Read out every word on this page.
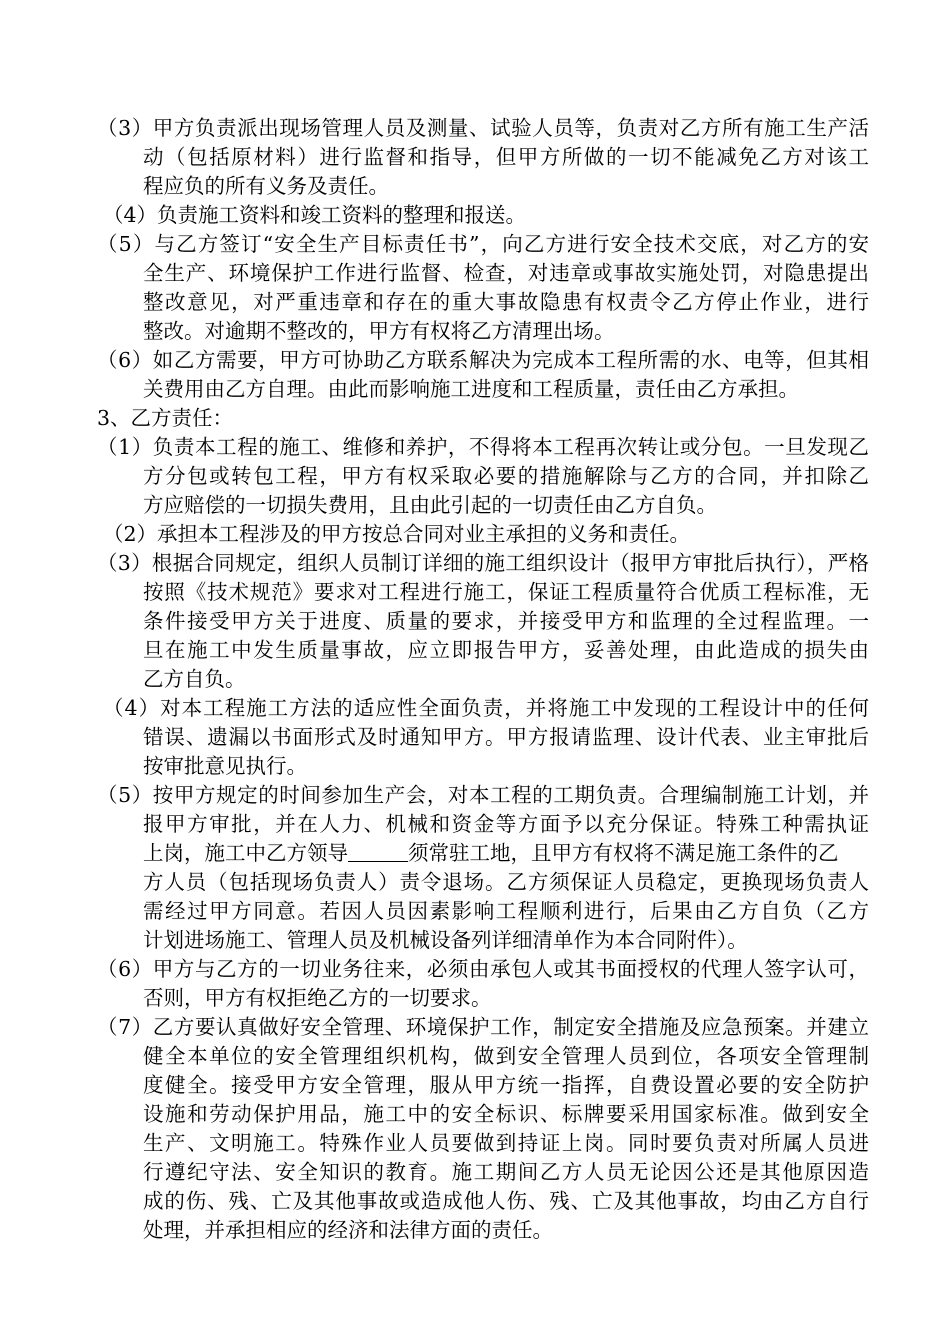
（3）甲方负责派出现场管理人员及测量、试验人员等，负责对乙方所有施工生产活
动（包括原材料）进行监督和指导，但甲方所做的一切不能减免乙方对该工
程应负的所有义务及责任。
（4）负责施工资料和竣工资料的整理和报送。
（5）与乙方签订“安全生产目标责任书”，向乙方进行安全技术交底，对乙方的安
全生产、环境保护工作进行监督、检查，对违章或事故实施处罚，对隐患提出
整改意见，对严重违章和存在的重大事故隐患有权责令乙方停止作业，进行
整改。对逾期不整改的，甲方有权将乙方清理出场。
（6）如乙方需要，甲方可协助乙方联系解决为完成本工程所需的水、电等，但其相
关费用由乙方自理。由此而影响施工进度和工程质量，责任由乙方承担。
3、乙方责任：
（1）负责本工程的施工、维修和养护，不得将本工程再次转让或分包。一旦发现乙
方分包或转包工程，甲方有权采取必要的措施解除与乙方的合同，并扣除乙
方应赔偿的一切损失费用，且由此引起的一切责任由乙方自负。
（2）承担本工程涉及的甲方按总合同对业主承担的义务和责任。
（3）根据合同规定，组织人员制订详细的施工组织设计（报甲方审批后执行），严格
按照《技术规范》要求对工程进行施工，保证工程质量符合优质工程标准，无
条件接受甲方关于进度、质量的要求，并接受甲方和监理的全过程监理。一
旦在施工中发生质量事故，应立即报告甲方，妥善处理，由此造成的损失由
乙方自负。
（4）对本工程施工方法的适应性全面负责，并将施工中发现的工程设计中的任何
错误、遗漏以书面形式及时通知甲方。甲方报请监理、设计代表、业主审批后
按审批意见执行。
（5）按甲方规定的时间参加生产会，对本工程的工期负责。合理编制施工计划，并
报甲方审批，并在人力、机械和资金等方面予以充分保证。特殊工种需执证
上岗，施工中乙方领导	须常驻工地，且甲方有权将不满足施工条件的乙
方人员（包括现场负责人）责令退场。乙方须保证人员稳定，更换现场负责人
需经过甲方同意。若因人员因素影响工程顺利进行，后果由乙方自负（乙方
计划进场施工、管理人员及机械设备列详细清单作为本合同附件）。
（6）甲方与乙方的一切业务往来，必须由承包人或其书面授权的代理人签字认可，
否则，甲方有权拒绝乙方的一切要求。
（7）乙方要认真做好安全管理、环境保护工作，制定安全措施及应急预案。并建立
健全本单位的安全管理组织机构，做到安全管理人员到位，各项安全管理制
度健全。接受甲方安全管理，服从甲方统一指挥，自费设置必要的安全防护
设施和劳动保护用品，施工中的安全标识、标牌要采用国家标准。做到安全
生产、文明施工。特殊作业人员要做到持证上岗。同时要负责对所属人员进
行遵纪守法、安全知识的教育。施工期间乙方人员无论因公还是其他原因造
成的伤、残、亡及其他事故或造成他人伤、残、亡及其他事故，均由乙方自行
处理，并承担相应的经济和法律方面的责任。
